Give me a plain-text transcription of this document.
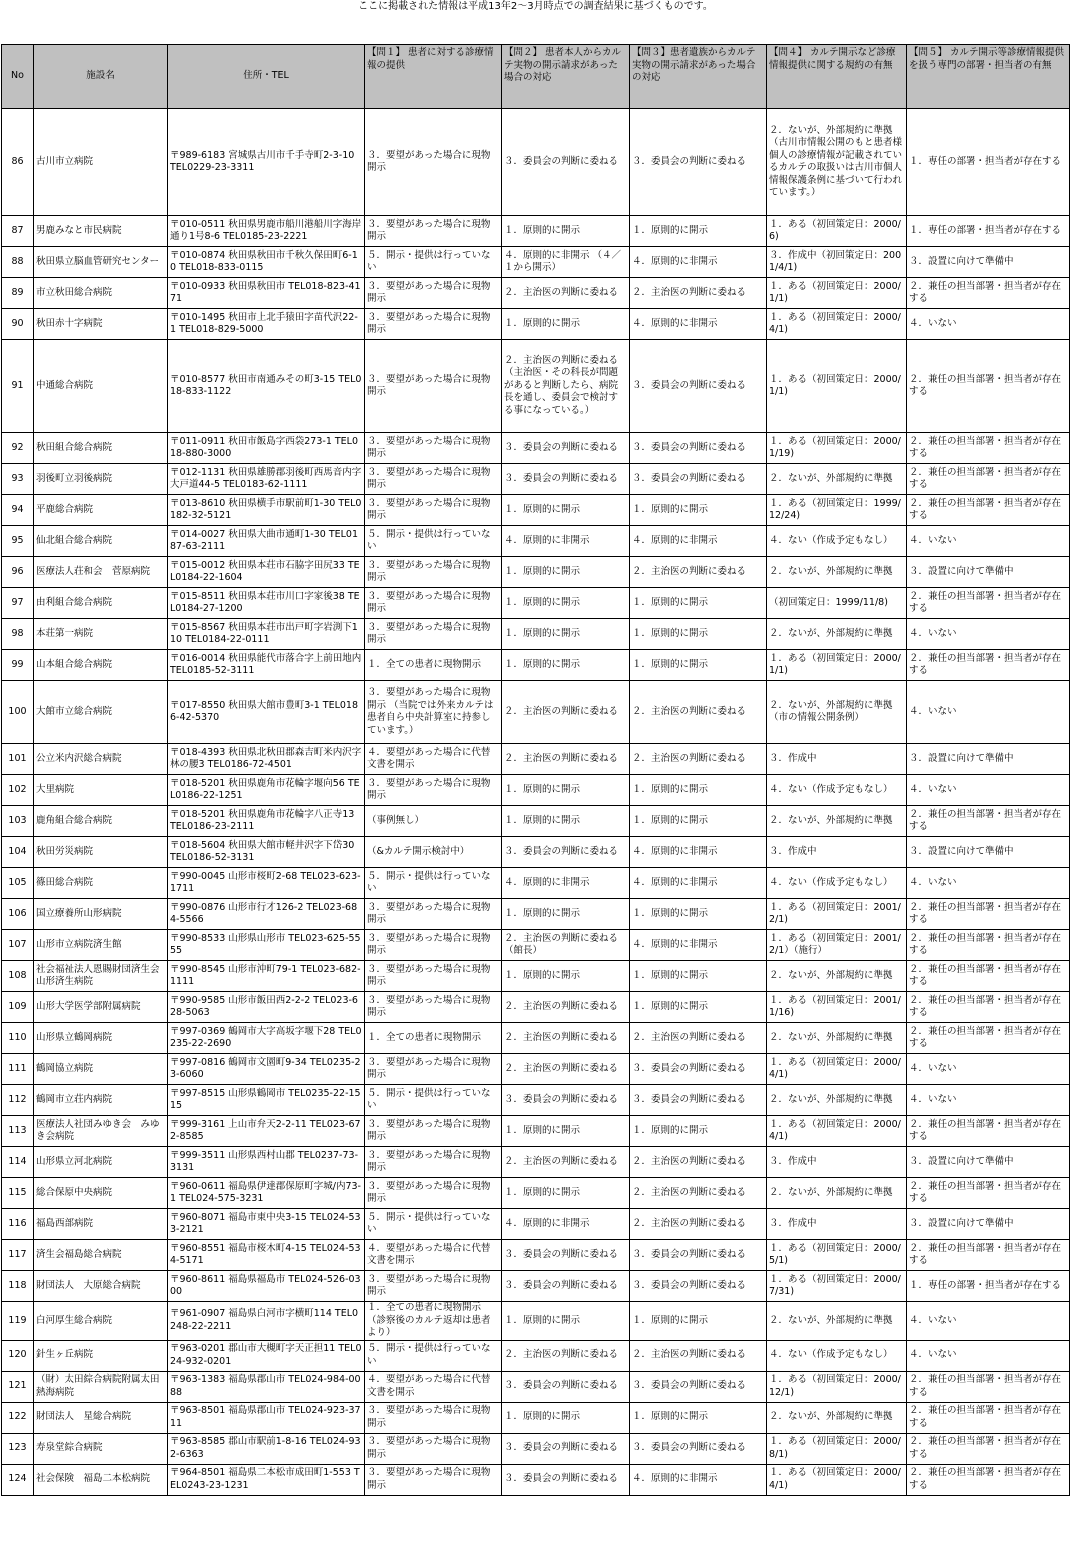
ここに掲載された情報は平成13年2～3月時点での調査結果に基づくものです。
No	施設名	住所・TEL	【問１】 患者に対する診療情報の提供	【問２】 患者本人からカルテ実物の開示請求があった場合の対応	【問３】患者遺族からカルテ実物の開示請求があった場合の対応	【問４】 カルテ開示など診療情報提供に関する規約の有無	【問５】 カルテ開示等診療情報提供を扱う専門の部署・担当者の有無
86	古川市立病院	〒989-6183 宮城県古川市千手寺町2-3-10 TEL0229-23-3311	３．要望があった場合に現物開示	３．委員会の判断に委ねる	３．委員会の判断に委ねる	２．ないが、外部規約に準拠（古川市情報公開のもと患者様個人の診療情報が記載されているカルテの取扱いは古川市個人情報保護条例に基づいて行われています。）	１．専任の部署・担当者が存在する
87	男鹿みなと市民病院	〒010-0511 秋田県男鹿市船川港船川字海岸通り1号8-6 TEL0185-23-2221	３．要望があった場合に現物開示	１．原則的に開示	１．原則的に開示	１．ある（初回策定日：2000/6)	１．専任の部署・担当者が存在する
88	秋田県立脳血管研究センター	〒010-0874 秋田県秋田市千秋久保田町6-10 TEL018-833-0115	５．開示・提供は行っていない	４．原則的に非開示 （４／１から開示）	４．原則的に非開示	３．作成中（初回策定日：2001/4/1)	３．設置に向けて準備中
89	市立秋田総合病院	〒010-0933 秋田県秋田市 TEL018-823-4171	３．要望があった場合に現物開示	２．主治医の判断に委ねる	２．主治医の判断に委ねる	１．ある（初回策定日：2000/1/1)	２．兼任の担当部署・担当者が存在する
90	秋田赤十字病院	〒010-1495 秋田市上北手猿田字苗代沢22-1 TEL018-829-5000	３．要望があった場合に現物開示	１．原則的に開示	４．原則的に非開示	１．ある（初回策定日：2000/4/1)	４．いない
91	中通総合病院	〒010-8577 秋田市南通みその町3-15 TEL018-833-1122	３．要望があった場合に現物開示	２．主治医の判断に委ねる （主治医・その科長が問題があると判断したら、病院長を通し、委員会で検討する事になっている。）	３．委員会の判断に委ねる	１．ある（初回策定日：2000/1/1)	２．兼任の担当部署・担当者が存在する
92	秋田組合総合病院	〒011-0911 秋田市飯島字西袋273-1 TEL018-880-3000	３．要望があった場合に現物開示	３．委員会の判断に委ねる	３．委員会の判断に委ねる	１．ある（初回策定日：2000/1/19)	２．兼任の担当部署・担当者が存在する
93	羽後町立羽後病院	〒012-1131 秋田県雄勝郡羽後町西馬音内字大戸道44-5 TEL0183-62-1111	３．要望があった場合に現物開示	３．委員会の判断に委ねる	３．委員会の判断に委ねる	２．ないが、外部規約に準拠	２．兼任の担当部署・担当者が存在する
94	平鹿総合病院	〒013-8610 秋田県横手市駅前町1-30 TEL0182-32-5121	３．要望があった場合に現物開示	１．原則的に開示	１．原則的に開示	１．ある（初回策定日：1999/12/24)	２．兼任の担当部署・担当者が存在する
95	仙北組合総合病院	〒014-0027 秋田県大曲市通町1-30 TEL0187-63-2111	５．開示・提供は行っていない	４．原則的に非開示	４．原則的に非開示	４．ない（作成予定もなし）	４．いない
96	医療法人荘和会　菅原病院	〒015-0012 秋田県本荘市石脇字田尻33 TEL0184-22-1604	３．要望があった場合に現物開示	１．原則的に開示	２．主治医の判断に委ねる	２．ないが、外部規約に準拠	３．設置に向けて準備中
97	由利組合総合病院	〒015-8511 秋田県本荘市川口字家後38 TEL0184-27-1200	３．要望があった場合に現物開示	１．原則的に開示	１．原則的に開示	（初回策定日：1999/11/8)	２．兼任の担当部署・担当者が存在する
98	本荘第一病院	〒015-8567 秋田県本荘市出戸町字岩渕下110 TEL0184-22-0111	３．要望があった場合に現物開示	１．原則的に開示	１．原則的に開示	２．ないが、外部規約に準拠	４．いない
99	山本組合総合病院	〒016-0014 秋田県能代市落合字上前田地内 TEL0185-52-3111	１．全ての患者に現物開示	１．原則的に開示	１．原則的に開示	１．ある（初回策定日：2000/1/1)	２．兼任の担当部署・担当者が存在する
100	大館市立総合病院	〒017-8550 秋田県大館市豊町3-1 TEL0186-42-5370	３．要望があった場合に現物開示 （当院では外来カルテは患者自ら中央計算室に持参しています。）	２．主治医の判断に委ねる	２．主治医の判断に委ねる	２．ないが、外部規約に準拠 （市の情報公開条例）	４．いない
101	公立米内沢総合病院	〒018-4393 秋田県北秋田郡森吉町米内沢字林の腰3 TEL0186-72-4501	４．要望があった場合に代替文書を開示	２．主治医の判断に委ねる	２．主治医の判断に委ねる	３．作成中	３．設置に向けて準備中
102	大里病院	〒018-5201 秋田県鹿角市花輪字堰向56 TEL0186-22-1251	３．要望があった場合に現物開示	１．原則的に開示	１．原則的に開示	４．ない（作成予定もなし）	４．いない
103	鹿角組合総合病院	〒018-5201 秋田県鹿角市花輪字八正寺13 TEL0186-23-2111	（事例無し）	１．原則的に開示	１．原則的に開示	２．ないが、外部規約に準拠	２．兼任の担当部署・担当者が存在する
104	秋田労災病院	〒018-5604 秋田県大館市軽井沢字下岱30 TEL0186-52-3131	（&カルテ開示検討中）	３．委員会の判断に委ねる	４．原則的に非開示	３．作成中	３．設置に向けて準備中
105	篠田総合病院	〒990-0045 山形市桜町2-68 TEL023-623-1711	５．開示・提供は行っていない	４．原則的に非開示	４．原則的に非開示	４．ない（作成予定もなし）	４．いない
106	国立療養所山形病院	〒990-0876 山形市行才126-2 TEL023-684-5566	３．要望があった場合に現物開示	１．原則的に開示	１．原則的に開示	１．ある（初回策定日：2001/2/1)	２．兼任の担当部署・担当者が存在する
107	山形市立病院済生館	〒990-8533 山形県山形市 TEL023-625-5555	３．要望があった場合に現物開示	２．主治医の判断に委ねる （館長）	４．原則的に非開示	１．ある（初回策定日：2001/2/1）（施行）	２．兼任の担当部署・担当者が存在する
108	社会福祉法人恩賜財団済生会　山形済生病院	〒990-8545 山形市沖町79-1 TEL023-682-1111	３．要望があった場合に現物開示	１．原則的に開示	１．原則的に開示	２．ないが、外部規約に準拠	２．兼任の担当部署・担当者が存在する
109	山形大学医学部附属病院	〒990-9585 山形市飯田西2-2-2 TEL023-628-5063	３．要望があった場合に現物開示	２．主治医の判断に委ねる	１．原則的に開示	１．ある（初回策定日：2001/1/16)	２．兼任の担当部署・担当者が存在する
110	山形県立鶴岡病院	〒997-0369 鶴岡市大字高坂字堰下28 TEL0235-22-2690	１．全ての患者に現物開示	２．主治医の判断に委ねる	２．主治医の判断に委ねる	２．ないが、外部規約に準拠	２．兼任の担当部署・担当者が存在する
111	鶴岡協立病院	〒997-0816 鶴岡市文園町9-34 TEL0235-23-6060	３．要望があった場合に現物開示	２．主治医の判断に委ねる	３．委員会の判断に委ねる	１．ある（初回策定日：2000/4/1)	４．いない
112	鶴岡市立荘内病院	〒997-8515 山形県鶴岡市 TEL0235-22-1515	５．開示・提供は行っていない	３．委員会の判断に委ねる	３．委員会の判断に委ねる	２．ないが、外部規約に準拠	４．いない
113	医療法人社団みゆき会　みゆき会病院	〒999-3161 上山市弁天2-2-11 TEL023-672-8585	３．要望があった場合に現物開示	１．原則的に開示	１．原則的に開示	１．ある（初回策定日：2000/4/1)	２．兼任の担当部署・担当者が存在する
114	山形県立河北病院	〒999-3511 山形県西村山郡 TEL0237-73-3131	３．要望があった場合に現物開示	２．主治医の判断に委ねる	２．主治医の判断に委ねる	３．作成中	３．設置に向けて準備中
115	総合保原中央病院	〒960-0611 福島県伊達郡保原町字城/内73-1 TEL024-575-3231	３．要望があった場合に現物開示	１．原則的に開示	２．主治医の判断に委ねる	２．ないが、外部規約に準拠	２．兼任の担当部署・担当者が存在する
116	福島西部病院	〒960-8071 福島市東中央3-15 TEL024-533-2121	５．開示・提供は行っていない	４．原則的に非開示	２．主治医の判断に委ねる	３．作成中	３．設置に向けて準備中
117	済生会福島総合病院	〒960-8551 福島市桜木町4-15 TEL024-534-5171	４．要望があった場合に代替文書を開示	３．委員会の判断に委ねる	３．委員会の判断に委ねる	１．ある（初回策定日：2000/5/1)	２．兼任の担当部署・担当者が存在する
118	財団法人　大原総合病院	〒960-8611 福島県福島市 TEL024-526-0300	３．要望があった場合に現物開示	３．委員会の判断に委ねる	３．委員会の判断に委ねる	１．ある（初回策定日：2000/7/31)	１．専任の部署・担当者が存在する
119	白河厚生総合病院	〒961-0907 福島県白河市字横町114 TEL0248-22-2211	１．全ての患者に現物開示 （診察後のカルテ返却は患者より）	１．原則的に開示	１．原則的に開示	２．ないが、外部規約に準拠	４．いない
120	針生ヶ丘病院	〒963-0201 郡山市大槻町字天正担11 TEL024-932-0201	５．開示・提供は行っていない	２．主治医の判断に委ねる	２．主治医の判断に委ねる	４．ない（作成予定もなし）	４．いない
121	（財）太田綜合病院附属太田熱海病院	〒963-1383 福島県郡山市 TEL024-984-0088	４．要望があった場合に代替文書を開示	３．委員会の判断に委ねる	３．委員会の判断に委ねる	１．ある（初回策定日：2000/12/1)	２．兼任の担当部署・担当者が存在する
122	財団法人　星総合病院	〒963-8501 福島県郡山市 TEL024-923-3711	３．要望があった場合に現物開示	１．原則的に開示	１．原則的に開示	２．ないが、外部規約に準拠	２．兼任の担当部署・担当者が存在する
123	寿泉堂綜合病院	〒963-8585 郡山市駅前1-8-16 TEL024-932-6363	３．要望があった場合に現物開示	３．委員会の判断に委ねる	３．委員会の判断に委ねる	１．ある（初回策定日：2000/8/1)	２．兼任の担当部署・担当者が存在する
124	社会保険　福島二本松病院	〒964-8501 福島県二本松市成田町1-553 TEL0243-23-1231	３．要望があった場合に現物開示	３．委員会の判断に委ねる	４．原則的に非開示	１．ある（初回策定日：2000/4/1)	２．兼任の担当部署・担当者が存在する
